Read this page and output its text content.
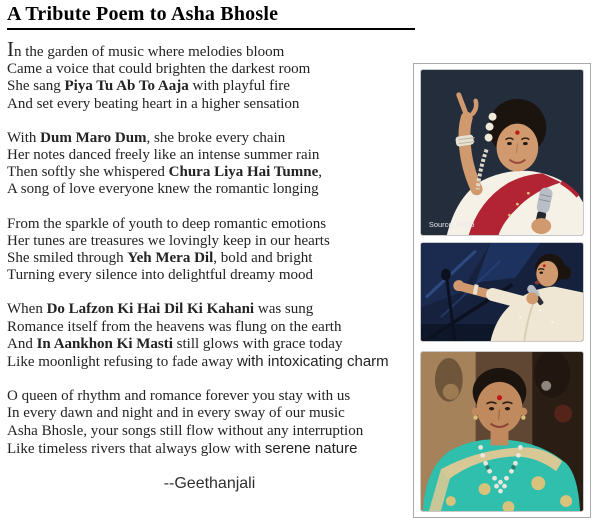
A Tribute Poem to Asha Bhosle
In the garden of music where melodies bloom
Came a voice that could brighten the darkest room
She sang Piya Tu Ab To Aaja with playful fire
And set every beating heart in a higher sensation
With Dum Maro Dum, she broke every chain
Her notes danced freely like an intense summer rain
Then softly she whispered Chura Liya Hai Tumne,
A song of love everyone knew the romantic longing
From the sparkle of youth to deep romantic emotions
Her tunes are treasures we lovingly keep in our hearts
She smiled through Yeh Mera Dil, bold and bright
Turning every silence into delightful dreamy mood
When Do Lafzon Ki Hai Dil Ki Kahani was sung
Romance itself from the heavens was flung on the earth
And In Aankhon Ki Masti still glows with grace today
Like moonlight refusing to fade away with intoxicating charm
O queen of rhythm and romance forever you stay with us
In every dawn and night and in every sway of our music
Asha Bhosle, your songs still flow without any interruption
Like timeless rivers that always glow with serene nature
--Geethanjali
Source: IMDb
